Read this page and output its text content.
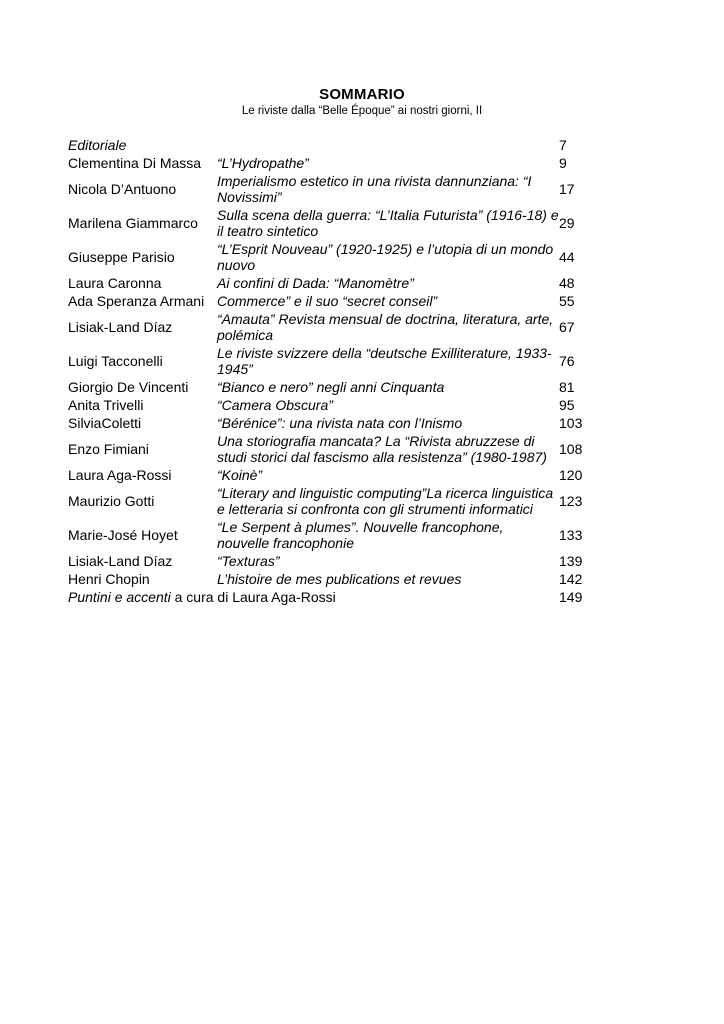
SOMMARIO
Le riviste dalla “Belle Époque” ai nostri giorni, II
Editoriale		7
Clementina Di Massa	“L’Hydropathe”	9
Nicola D’Antuono	Imperialismo estetico in una rivista dannunziana: “I Novissimi”	17
Marilena Giammarco	Sulla scena della guerra: “L’Italia Futurista” (1916-18) e il teatro sintetico	29
Giuseppe Parisio	“L’Esprit Nouveau” (1920-1925) e l’utopia di un mondo nuovo	44
Laura Caronna	Ai confini di Dada: “Manomètre”	48
Ada Speranza Armani	Commerce” e il suo “secret conseil”	55
Lisiak-Land Díaz	“Amauta” Revista mensual de doctrina, literatura, arte, polémica	67
Luigi Tacconelli	Le riviste svizzere della “deutsche Exilliterature, 1933-1945”	76
Giorgio De Vincenti	“Bianco e nero” negli anni Cinquanta	81
Anita Trivelli	“Camera Obscura”	95
SilviaColetti	“Bérénice”: una rivista nata con l’Inismo	103
Enzo Fimiani	Una storiografia mancata? La “Rivista abruzzese di studi storici dal fascismo alla resistenza” (1980-1987)	108
Laura Aga-Rossi	“Koinè”	120
Maurizio Gotti	“Literary and linguistic computing”La ricerca linguistica e letteraria si confronta con gli strumenti informatici	123
Marie-José Hoyet	“Le Serpent à plumes”. Nouvelle francophone, nouvelle francophonie	133
Lisiak-Land Díaz	“Texturas”	139
Henri Chopin	L’histoire de mes publications et revues	142
Puntini e accenti a cura di Laura Aga-Rossi		149
